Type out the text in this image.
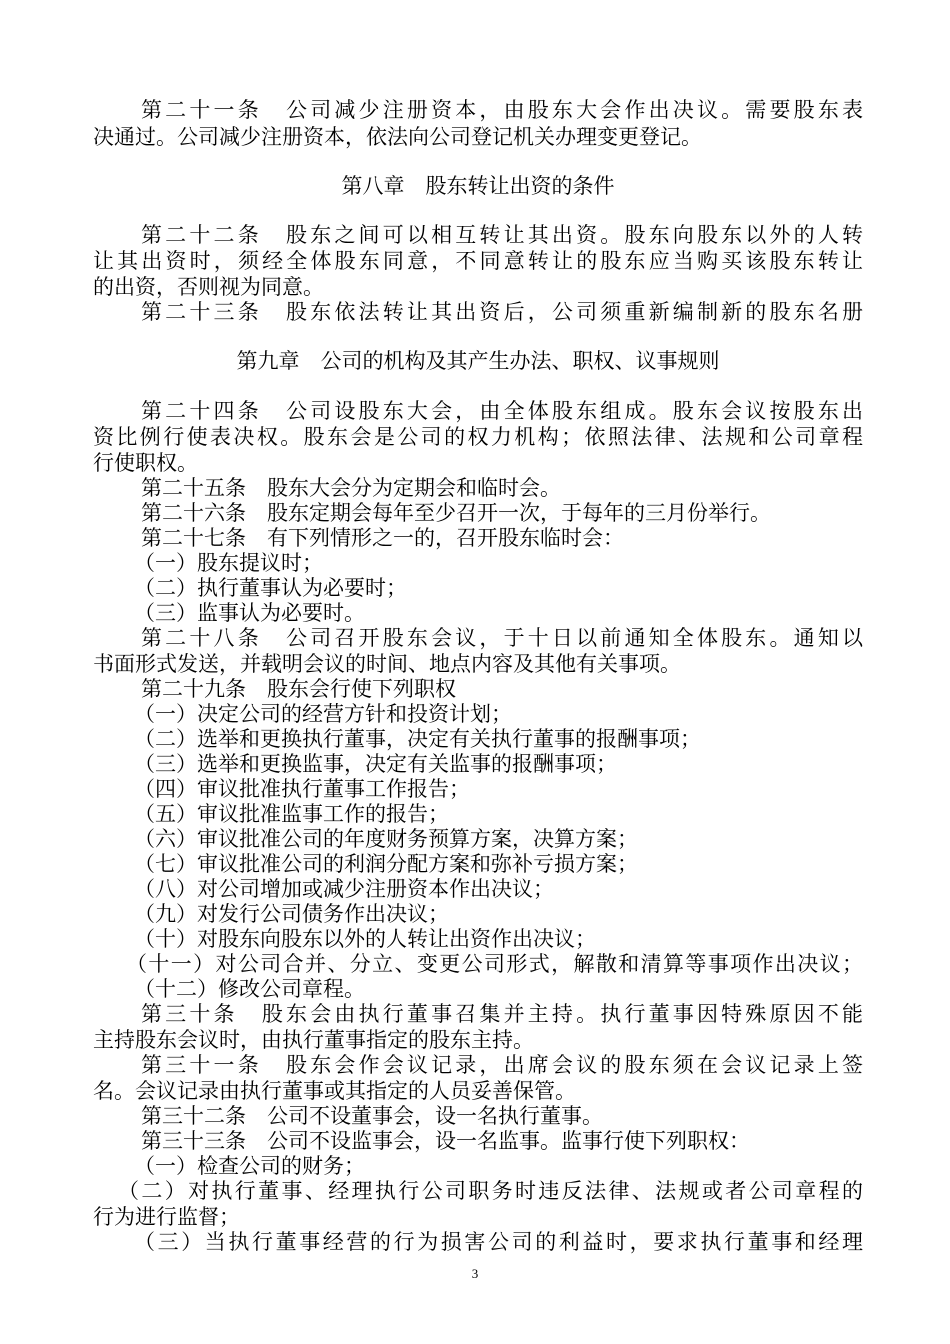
第二十一条　公司减少注册资本，由股东大会作出决议。需要股东表
决通过。公司减少注册资本，依法向公司登记机关办理变更登记。
第八章　股东转让出资的条件
第二十二条　股东之间可以相互转让其出资。股东向股东以外的人转
让其出资时，须经全体股东同意，不同意转让的股东应当购买该股东转让
的出资，否则视为同意。
第二十三条　股东依法转让其出资后，公司须重新编制新的股东名册
第九章　公司的机构及其产生办法、职权、议事规则
第二十四条　公司设股东大会，由全体股东组成。股东会议按股东出
资比例行使表决权。股东会是公司的权力机构；依照法律、法规和公司章程
行使职权。
第二十五条　股东大会分为定期会和临时会。
第二十六条　股东定期会每年至少召开一次，于每年的三月份举行。
第二十七条　有下列情形之一的，召开股东临时会：
（一）股东提议时；
（二）执行董事认为必要时；
（三）监事认为必要时。
第二十八条　公司召开股东会议，于十日以前通知全体股东。通知以
书面形式发送，并载明会议的时间、地点内容及其他有关事项。
第二十九条　股东会行使下列职权
（一）决定公司的经营方针和投资计划；
（二）选举和更换执行董事，决定有关执行董事的报酬事项；
（三）选举和更换监事，决定有关监事的报酬事项；
（四）审议批准执行董事工作报告；
（五）审议批准监事工作的报告；
（六）审议批准公司的年度财务预算方案，决算方案；
（七）审议批准公司的利润分配方案和弥补亏损方案；
（八）对公司增加或减少注册资本作出决议；
（九）对发行公司债务作出决议；
（十）对股东向股东以外的人转让出资作出决议；
（十一）对公司合并、分立、变更公司形式，解散和清算等事项作出决议；
（十二）修改公司章程。
第三十条　股东会由执行董事召集并主持。执行董事因特殊原因不能
主持股东会议时，由执行董事指定的股东主持。
第三十一条　股东会作会议记录，出席会议的股东须在会议记录上签
名。会议记录由执行董事或其指定的人员妥善保管。
第三十二条　公司不设董事会，设一名执行董事。
第三十三条　公司不设监事会，设一名监事。监事行使下列职权：
（一）检查公司的财务；
（二）对执行董事、经理执行公司职务时违反法律、法规或者公司章程的
行为进行监督；
（三）当执行董事经营的行为损害公司的利益时，要求执行董事和经理
3
